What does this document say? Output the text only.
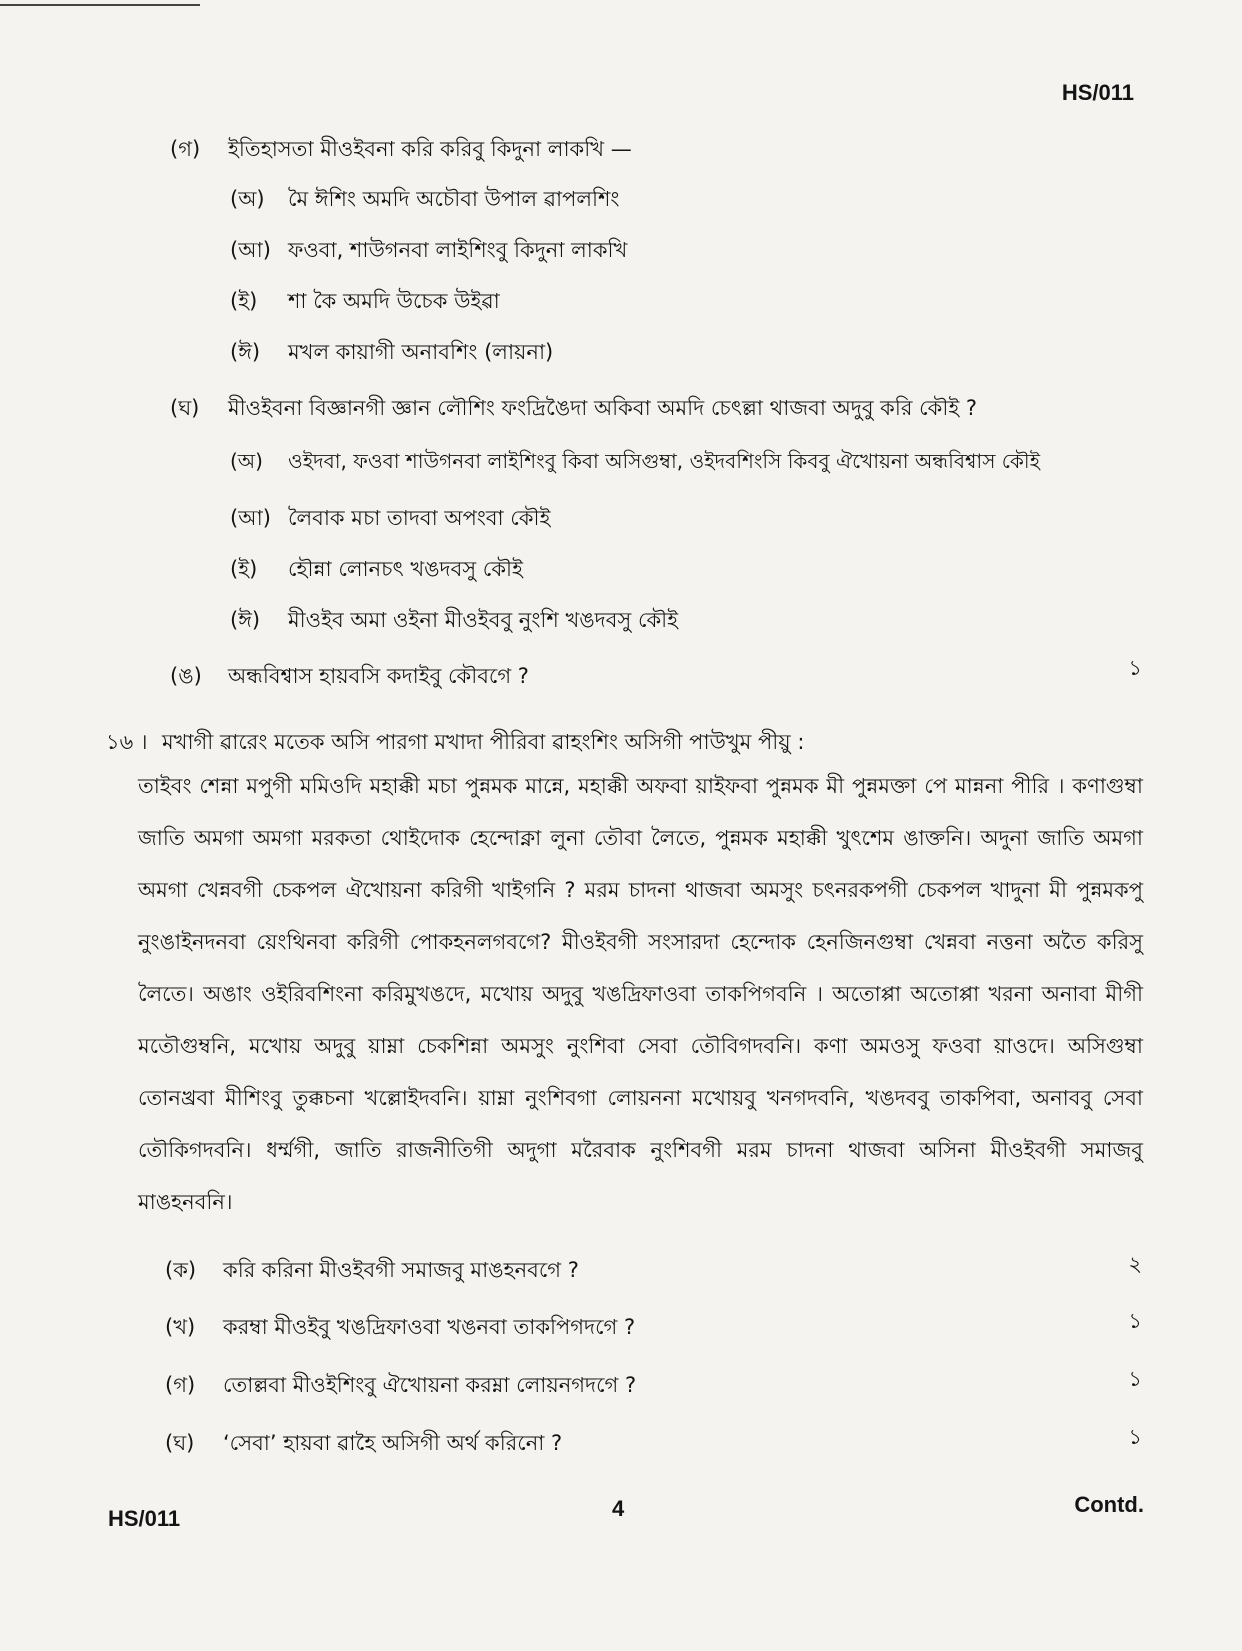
HS/011
(গ) ইতিহাসতা মীওইবনা করি করিবু কিদুনা লাকখি —
(অ) মৈ ঈশিং অমদি অচৌবা উপাল ৱাপলশিং
(আ) ফওবা, শাউগনবা লাইশিংবু কিদুনা লাকখি
(ই) শা কৈ অমদি উচেক উইৱা
(ঈ) মখল কায়াগী অনাবশিং (লায়না)
(ঘ) মীওইবনা বিজ্ঞানগী জ্ঞান লৌশিং ফংদ্রিঙৈদা অকিবা অমদি চেৎল্লা থাজবা অদুবু করি কৌই ?
(অ) ওইদবা, ফওবা শাউগনবা লাইশিংবু কিবা অসিগুম্বা, ওইদবশিংসি কিববু ঐখোয়না অন্ধবিশ্বাস কৌই
(আ) লৈবাক মচা তাদবা অপংবা কৌই
(ই) হৌন্না লোনচৎ খঙদবসু কৌই
(ঈ) মীওইব অমা ওইনা মীওইববু নুংশি খঙদবসু কৌই
(ঙ) অন্ধবিশ্বাস হায়বসি কদাইবু কৌবগে ?	১
১৬ । মখাগী ৱারেং মতেক অসি পারগা মখাদা পীরিবা ৱাহংশিং অসিগী পাউখুম পীয়ু :
তাইবং শেন্না মপুগী মমিওদি মহাক্কী মচা পুন্নমক মান্নে, মহাক্কী অফবা য়াইফবা পুন্নমক মী পুন্নমক্তা পে মান্ননা পীরি । কণাগুম্বা জাতি অমগা অমগা মরকতা থোইদোক হেন্দোক্না লুনা তৌবা লৈতে, পুন্নমক মহাক্কী খুৎশেম ঙাক্তনি। অদুনা জাতি অমগা অমগা খেন্নবগী চেকপল ঐখোয়না করিগী খাইগনি ? মরম চাদনা থাজবা অমসুং চৎনরকপগী চেকপল খাদুনা মী পুন্নমকপু নুংঙাইনদনবা য়েংথিনবা করিগী পোকহনলগবগে? মীওইবগী সংসারদা হেন্দোক হেনজিনগুম্বা খেন্নবা নত্তনা অতৈ করিসু লৈতে। অঙাং ওইরিবশিংনা করিমুখঙদে, মখোয় অদুবু খঙদ্রিফাওবা তাকপিগবনি । অতোপ্পা অতোপ্পা খরনা অনাবা মীগী মতৌগুম্বনি, মখোয় অদুবু য়াম্না চেকশিন্না অমসুং নুংশিবা সেবা তৌবিগদবনি। কণা অমওসু ফওবা য়াওদে। অসিগুম্বা তোনখ্রবা মীশিংবু তুক্কচনা খল্লোইদবনি। য়াম্না নুংশিবগা লোয়ননা মখোয়বু খনগদবনি, খঙদববু তাকপিবা, অনাববু সেবা তৌকিগদবনি। ধর্ম্মগী, জাতি রাজনীতিগী অদুগা মরৈবাক নুংশিবগী মরম চাদনা থাজবা অসিনা মীওইবগী সমাজবু মাঙহনবনি।
(ক) করি করিনা মীওইবগী সমাজবু মাঙহনবগে ?	২
(খ) করম্বা মীওইবু খঙদ্রিফাওবা খঙনবা তাকপিগদগে ?	১
(গ) তোল্লবা মীওইশিংবু ঐখোয়না করম্না লোয়নগদগে ?	১
(ঘ) ‘সেবা’ হায়বা ৱাহৈ অসিগী অর্থ করিনো ?	১
HS/011	4	Contd.
